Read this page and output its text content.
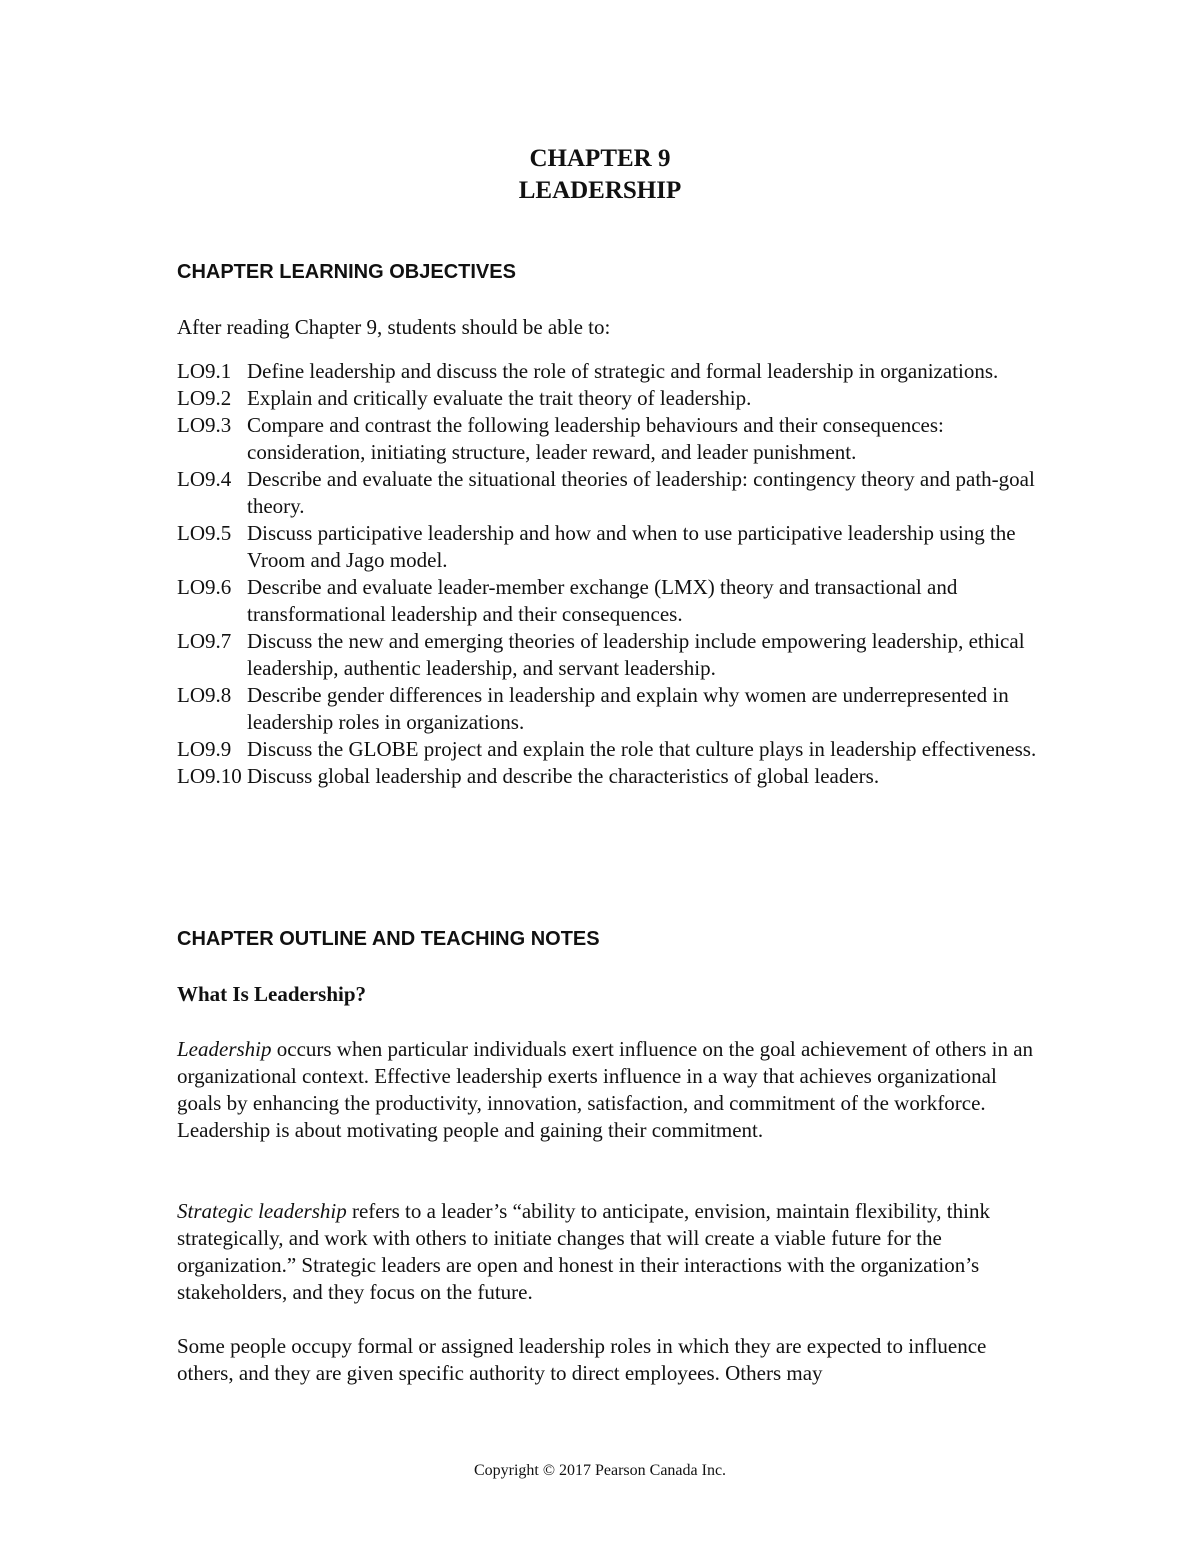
CHAPTER 9
LEADERSHIP
CHAPTER LEARNING OBJECTIVES
After reading Chapter 9, students should be able to:
LO9.1 Define leadership and discuss the role of strategic and formal leadership in organizations.
LO9.2 Explain and critically evaluate the trait theory of leadership.
LO9.3 Compare and contrast the following leadership behaviours and their consequences: consideration, initiating structure, leader reward, and leader punishment.
LO9.4 Describe and evaluate the situational theories of leadership: contingency theory and path-goal theory.
LO9.5 Discuss participative leadership and how and when to use participative leadership using the Vroom and Jago model.
LO9.6 Describe and evaluate leader-member exchange (LMX) theory and transactional and transformational leadership and their consequences.
LO9.7 Discuss the new and emerging theories of leadership include empowering leadership, ethical leadership, authentic leadership, and servant leadership.
LO9.8 Describe gender differences in leadership and explain why women are underrepresented in leadership roles in organizations.
LO9.9 Discuss the GLOBE project and explain the role that culture plays in leadership effectiveness.
LO9.10 Discuss global leadership and describe the characteristics of global leaders.
CHAPTER OUTLINE AND TEACHING NOTES
What Is Leadership?

Leadership occurs when particular individuals exert influence on the goal achievement of others in an organizational context. Effective leadership exerts influence in a way that achieves organizational goals by enhancing the productivity, innovation, satisfaction, and commitment of the workforce. Leadership is about motivating people and gaining their commitment.

Strategic leadership refers to a leader’s “ability to anticipate, envision, maintain flexibility, think strategically, and work with others to initiate changes that will create a viable future for the organization.” Strategic leaders are open and honest in their interactions with the organization’s stakeholders, and they focus on the future.

Some people occupy formal or assigned leadership roles in which they are expected to influence others, and they are given specific authority to direct employees. Others may

Copyright © 2017 Pearson Canada Inc.
